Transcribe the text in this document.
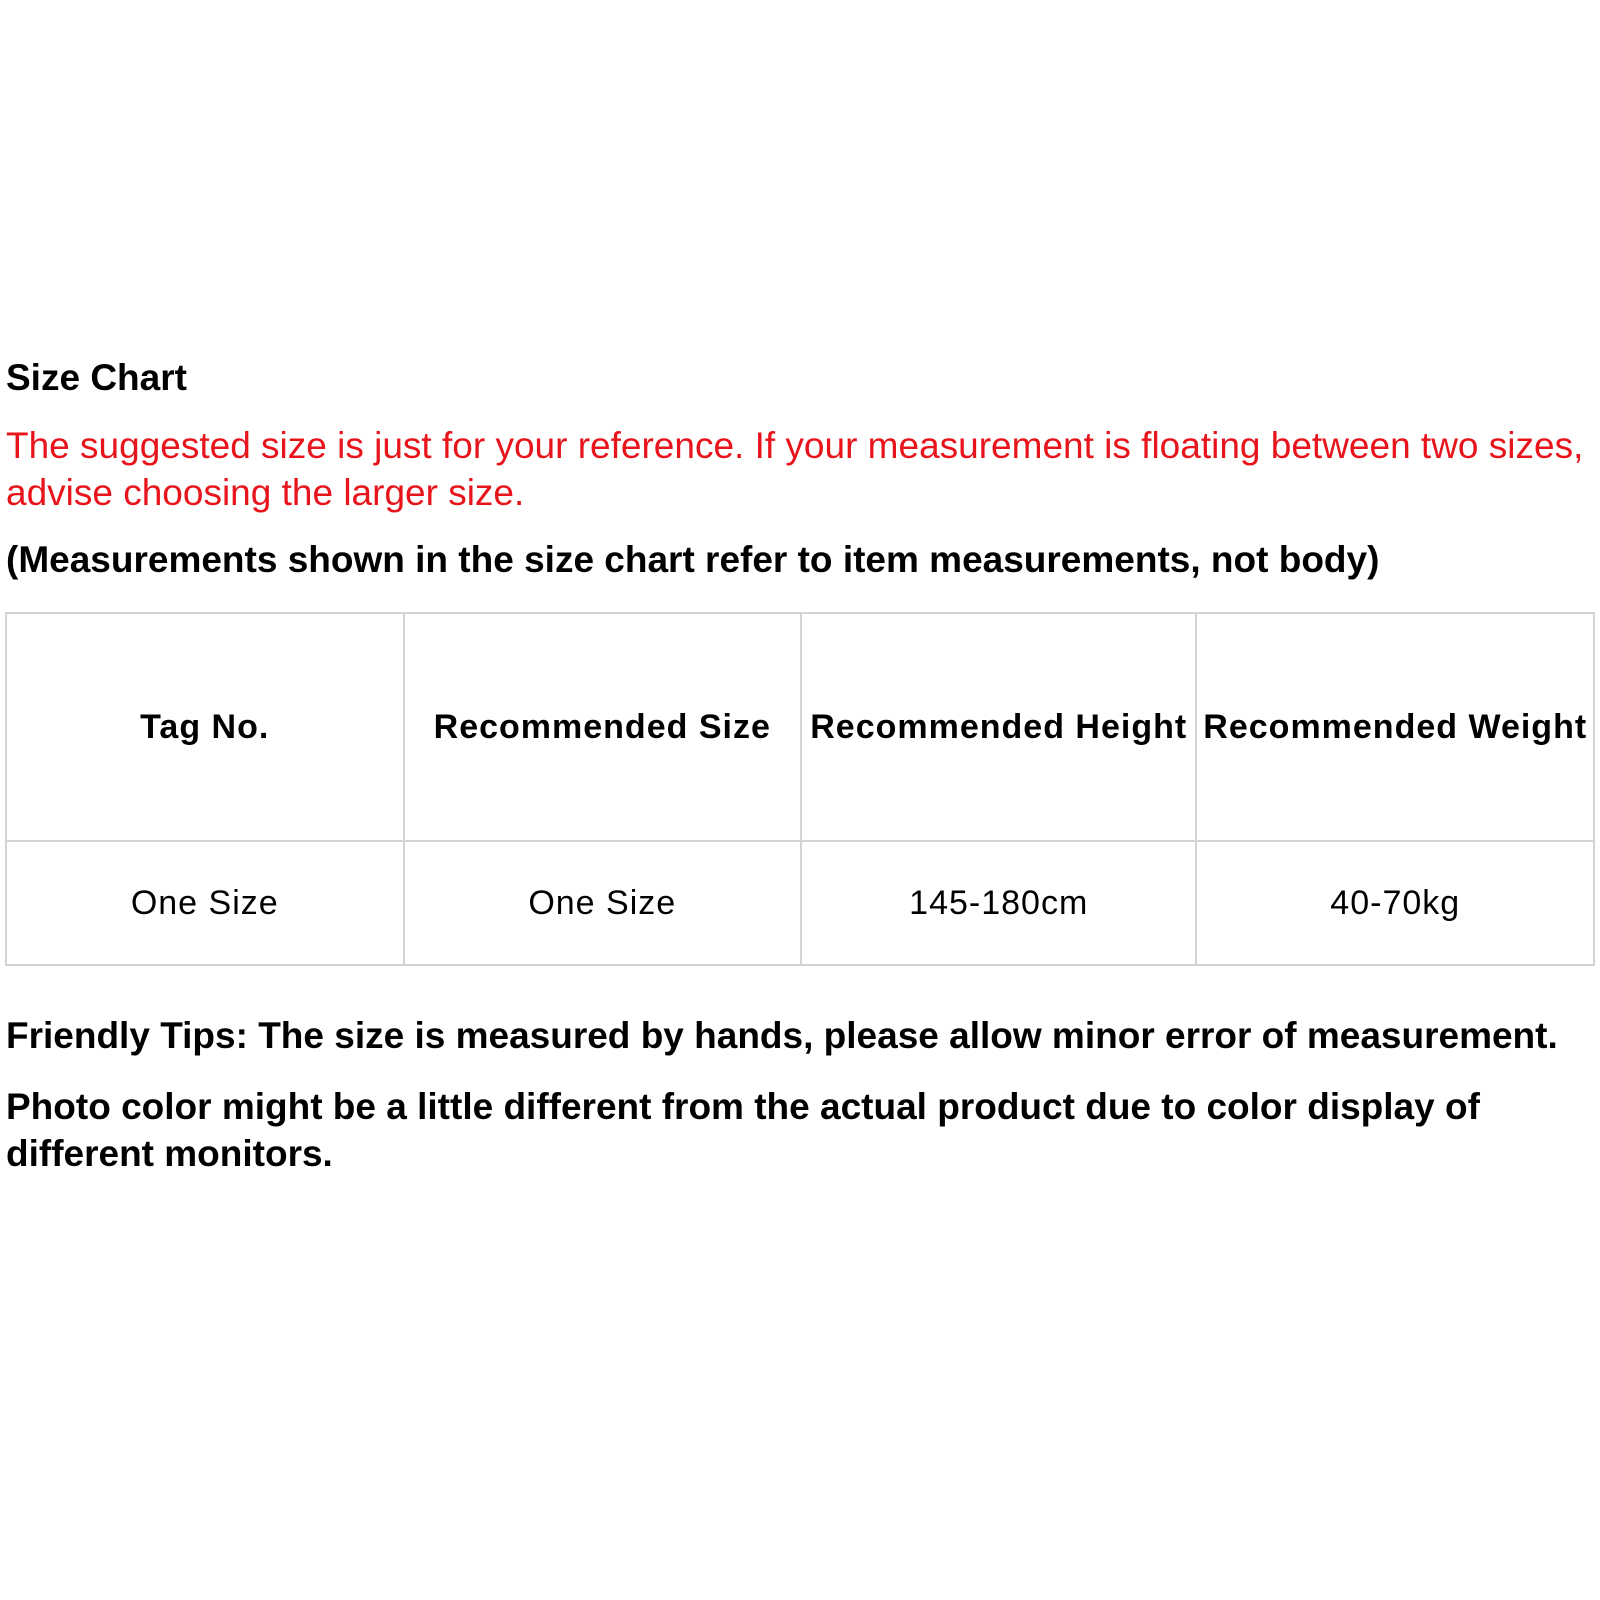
Size Chart
The suggested size is just for your reference. If your measurement is floating between two sizes, advise choosing the larger size.
(Measurements shown in the size chart refer to item measurements, not body)
Tag No.	Recommended Size	Recommended Height	Recommended Weight
One Size	One Size	145-180cm	40-70kg

Friendly Tips: The size is measured by hands, please allow minor error of measurement.

Photo color might be a little different from the actual product due to color display of different monitors.
